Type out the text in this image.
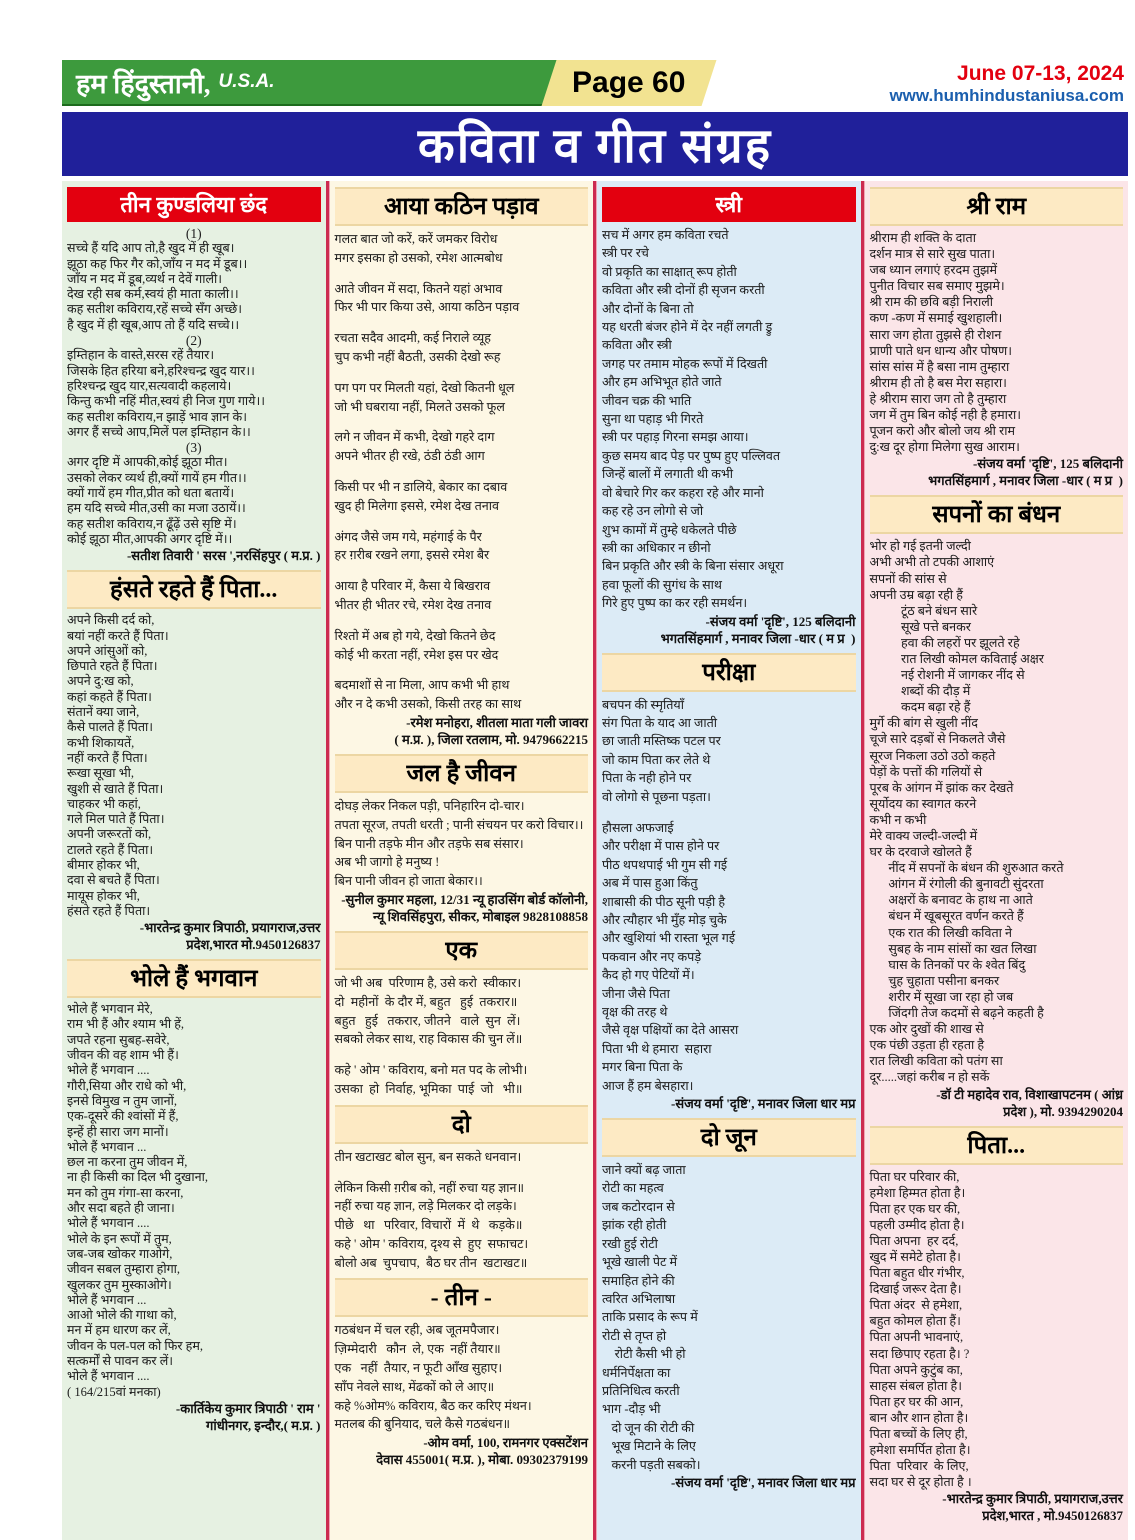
हम हिंदुस्तानी, U.S.A.	Page 60	June 07-13, 2024
www.humhindustaniusa.com
कविता व गीत संग्रह
तीन कुण्डलिया छंद
(1)
सच्चे हैं यदि आप तो,है खुद में ही खूब।
झूठा कह फिर गैर को,जाँय न मद में डूब।।
जाँय न मद में डूब,व्यर्थ न देवें गाली।
देख रही सब कर्म,स्वयं ही माता काली।।
कह सतीश कविराय,रहें सच्चे सँग अच्छे।
है खुद में ही खूब,आप तो हैं यदि सच्चे।।
(2)
इम्तिहान के वास्ते,सरस रहें तैयार।
जिसके हित हरिया बने,हरिश्चन्द्र खुद यार।।
हरिश्चन्द्र खुद यार,सत्यवादी कहलाये।
किन्तु कभी नहिं मीत,स्वयं ही निज गुण गाये।।
कह सतीश कविराय,न झाड़ें भाव ज्ञान के।
अगर हैं सच्चे आप,मिलें पल इम्तिहान के।।
(3)
अगर दृष्टि में आपकी,कोई झूठा मीत।
उसको लेकर व्यर्थ ही,क्यों गायें हम गीत।।
क्यों गायें हम गीत,प्रीत को धता बतायें।
हम यदि सच्चे मीत,उसी का मजा उठायें।।
कह सतीश कविराय,न ढूँढ़ें उसे सृष्टि में।
कोई झूठा मीत,आपकी अगर दृष्टि में।।
-सतीश तिवारी ' सरस ',नरसिंहपुर ( म.प्र. )
हंसते रहते हैं पिता...
अपने किसी दर्द को,
बयां नहीं करते हैं पिता।
अपने आंसुओं को,
छिपाते रहते हैं पिता।
अपने दु:ख को,
कहां कहते हैं पिता।
संतानें क्या जाने,
कैसे पालते हैं पिता।
कभी शिकायतें,
नहीं करते हैं पिता।
रूखा सूखा भी,
खुशी से खाते हैं पिता।
चाहकर भी कहां,
गले मिल पाते हैं पिता।
अपनी जरूरतों को,
टालते रहते हैं पिता।
बीमार होकर भी,
दवा से बचते हैं पिता।
मायूस होकर भी,
हंसते रहते हैं पिता।
-भारतेन्द्र कुमार त्रिपाठी, प्रयागराज,उत्तर
प्रदेश,भारत मो.9450126837
भोले हैं भगवान
भोले हैं भगवान मेरे,
राम भी हैं और श्याम भी हें,
जपते रहना सुबह-सवेरे,
जीवन की वह शाम भी हैं।
भोले हैं भगवान ....
गौरी,सिया और राधे को भी,
इनसे विमुख न तुम जानों,
एक-दूसरे की श्वांसों में हैं,
इन्हें ही सारा जग मानों।
भोले हैं भगवान ...
छल ना करना तुम जीवन में,
ना ही किसी का दिल भी दुखाना,
मन को तुम गंगा-सा करना,
और सदा बहते ही जाना।
भोले हैं भगवान ....
भोले के इन रूपों में तुम,
जब-जब खोकर गाओगे,
जीवन सबल तुम्हारा होगा,
खुलकर तुम मुस्काओगे।
भोले हैं भगवान ...
आओ भोले की गाथा को,
मन में हम धारण कर लें,
जीवन के पल-पल को फिर हम,
सत्कर्मों से पावन कर लें।
भोले हैं भगवान ....
( 164/215वां मनका)
-कार्तिकेय कुमार त्रिपाठी ' राम '
गांधीनगर, इन्दौर,( म.प्र. )
आया कठिन पड़ाव
गलत बात जो करें, करें जमकर विरोध
मगर इसका हो उसको, रमेश आत्मबोध
आते जीवन में सदा, कितने यहां अभाव
फिर भी पार किया उसे, आया कठिन पड़ाव
रचता सदैव आदमी, कई निराले व्यूह
चुप कभी नहीं बैठती, उसकी देखो रूह
पग पग पर मिलती यहां, देखो कितनी धूल
जो भी घबराया नहीं, मिलते उसको फूल
लगे न जीवन में कभी, देखो गहरे दाग
अपने भीतर ही रखे, ठंडी ठंडी आग
किसी पर भी न डालिये, बेकार का दबाव
खुद ही मिलेगा इससे, रमेश देख तनाव
अंगद जैसे जम गये, महंगाई के पैर
हर ग़रीब रखने लगा, इससे रमेश बैर
आया है परिवार में, कैसा ये बिखराव
भीतर ही भीतर रचे, रमेश देख तनाव
रिश्तो में अब हो गये, देखो कितने छेद
कोई भी करता नहीं, रमेश इस पर खेद
बदमाशों से ना मिला, आप कभी भी हाथ
और न दे कभी उसको, किसी तरह का साथ
-रमेश मनोहरा, शीतला माता गली जावरा
( म.प्र. ), जिला रतलाम, मो. 9479662215
जल है जीवन
दोघड़ लेकर निकल पड़ी, पनिहारिन दो-चार।
तपता सूरज, तपती धरती ; पानी संचयन पर करो विचार।।
बिन पानी तड़फे मीन और तड़फे सब संसार।
अब भी जागो हे मनुष्य !
बिन पानी जीवन हो जाता बेकार।।
-सुनील कुमार महला, 12/31 न्यू हाउसिंग बोर्ड कॉलोनी,
न्यू शिवसिंहपुरा, सीकर, मोबाइल 9828108858
एक
जो भी अब  परिणाम है, उसे करो  स्वीकार।
दो  महीनों  के दौर में, बहुत   हुई  तकरार॥
बहुत   हुई   तकरार, जीतने   वाले  सुन  लें।
सबको लेकर साथ, राह विकास की चुन लें॥
कहे ' ओम ' कविराय, बनो मत पद के लोभी।
उसका  हो  निर्वाह, भूमिका  पाई  जो   भी॥
दो
तीन खटाखट बोल सुन, बन सकते धनवान।
लेकिन किसी ग़रीब को, नहीं रुचा यह ज्ञान॥
नहीं रुचा यह ज्ञान, लड़े मिलकर दो लड़के।
पीछे   था   परिवार, विचारों  में  थे   कड़के॥
कहे ' ओम ' कविराय, दृश्य से  हुए  सफाचट।
बोलो अब  चुपचाप,  बैठ घर तीन  खटाखट॥
- तीन -
गठबंधन में चल रही, अब जूतमपैजार।
ज़िम्मेदारी   कौन  ले, एक  नहीं तैयार॥
एक   नहीं  तैयार, न फूटी आँख सुहाए।
साँप नेवले साथ, मेंढकों को ले आए॥
कहे %ओम% कविराय, बैठ कर करिए मंथन।
मतलब की बुनियाद, चले कैसे गठबंधन॥
-ओम वर्मा, 100, रामनगर एक्सटेंशन
देवास 455001( म.प्र. ), मोबा. 09302379199
स्त्री
सच में अगर हम कविता रचते
स्त्री पर रचे
वो प्रकृति का साक्षात् रूप होती
कविता और स्त्री दोनों ही सृजन करती
और दोनों के बिना तो
यह धरती बंजर होने में देर नहीं लगती ड्रु
कविता और स्त्री
जगह पर तमाम मोहक रूपों में दिखती
और हम अभिभूत होते जाते
जीवन चक्र की भाति
सुना था पहाड़ भी गिरते
स्त्री पर पहाड़ गिरना समझ आया।
कुछ समय बाद पेड़ पर पुष्प हुए पल्लिवत
जिन्हें बालों में लगाती थी कभी
वो बेचारे गिर कर कहरा रहे और मानो
कह रहे उन लोगो से जो
शुभ कामों में तुम्हे धकेलते पीछे
स्त्री का अधिकार न छीनो
बिन प्रकृति और स्त्री के बिना संसार अधूरा
हवा फूलों की सुगंध के साथ
गिरे हुए पुष्प का कर रही समर्थन।
-संजय वर्मा 'दृष्टि', 125 बलिदानी
भगतसिंहमार्ग , मनावर जिला -धार ( म प्र  )
परीक्षा
बचपन की स्मृतियाँ
संग पिता के याद आ जाती
छा जाती मस्तिष्क पटल पर
जो काम पिता कर लेते थे
पिता के नही होने पर
वो लोगो से पूछना पड़ता।
हौसला अफजाई
और परीक्षा में पास होने पर
पीठ थपथपाई भी गुम सी गई
अब में पास हुआ किंतु
शाबासी की पीठ सूनी पड़ी है
और त्यौहार भी मुँह मोड़ चुके
और खुशियां भी रास्ता भूल गई
पकवान और नए कपड़े
कैद हो गए पेटियों में।
जीना जैसे पिता
वृक्ष की तरह थे
जैसे वृक्ष पक्षियों का देते आसरा
पिता भी थे हमारा  सहारा
मगर बिना पिता के
आज हैं हम बेसहारा।
-संजय वर्मा 'दृष्टि', मनावर जिला धार मप्र
दो जून
जाने क्यों बढ़ जाता
रोटी का महत्व
जब कटोरदान से
झांक रही होती
रखी हुई रोटी
भूखे खाली पेट में
समाहित होने की
त्वरित अभिलाषा
ताकि प्रसाद के रूप में
रोटी से तृप्त हो
रोटी कैसी भी हो
धर्मनिर्पेक्षता का
प्रतिनिधित्व करती
भाग -दौड़ भी
दो जून की रोटी की
भूख मिटाने के लिए
करनी पड़ती सबको।
-संजय वर्मा 'दृष्टि', मनावर जिला धार मप्र
श्री राम
श्रीराम ही शक्ति के दाता
दर्शन मात्र से सारे सुख पाता।
जब ध्यान लगाएं हरदम तुझमें
पुनीत विचार सब समाए मुझमे।
श्री राम की छवि बड़ी निराली
कण -कण में समाई खुशहाली।
सारा जग होता तुझसे ही रोशन
प्राणी पाते धन धान्य और पोषण।
सांस सांस में है बसा नाम तुम्हारा
श्रीराम ही तो है बस मेरा सहारा।
हे श्रीराम सारा जग तो है तुम्हारा
जग में तुम बिन कोई नही है हमारा।
पूजन करो और बोलो जय श्री राम
दु:ख दूर होगा मिलेगा सुख आराम।
-संजय वर्मा 'दृष्टि', 125 बलिदानी
भगतसिंहमार्ग , मनावर जिला -धार ( म प्र  )
सपनों का बंधन
भोर हो गई इतनी जल्दी
अभी अभी तो टपकी आशाएं
सपनों की सांस से
अपनी उम्र बढ़ा रही हैं
टूंठ बने बंधन सारे
सूखे पत्ते बनकर
हवा की लहरों पर झूलते रहे
रात लिखी कोमल कविताई अक्षर
नई रोशनी में जागकर नींद से
शब्दों की दौड़ में
कदम बढ़ा रहे हैं
मुर्गे की बांग से खुली नींद
चूजे सारे दड़बों से निकलते जैसे
सूरज निकला उठो उठो कहते
पेड़ों के पत्तों की गलियों से
पूरब के आंगन में झांक कर देखते
सूर्योदय का स्वागत करने
कभी न कभी
मेरे वाक्य जल्दी-जल्दी में
घर के दरवाजे खोलते हैं
नींद में सपनों के बंधन की शुरुआत करते
आंगन में रंगोली की बुनावटी सुंदरता
अक्षरों के बनावट के हाथ ना आते
बंधन में खूबसूरत वर्णन करते हैं
एक रात की लिखी कविता ने
सुबह के नाम सांसों का खत लिखा
घास के तिनकों पर के श्वेत बिंदु
चुह चुहाता पसीना बनकर
शरीर में सूखा जा रहा हो जब
जिंदगी तेज कदमों से बढ़ने कहती है
एक ओर दुखों की शाख से
एक पंछी उड़ता ही रहता है
रात लिखी कविता को पतंग सा
दूर.....जहां करीब न हो सकें
-डॉ टी महादेव राव, विशाखापटनम ( आंध्र
प्रदेश ), मो. 9394290204
पिता...
पिता घर परिवार की,
हमेशा हिम्मत होता है।
पिता हर एक घर की,
पहली उम्मीद होता है।
पिता अपना  हर दर्द,
खुद में समेटे होता है।
पिता बहुत धीर गंभीर,
दिखाई जरूर देता है।
पिता अंदर  से हमेशा,
बहुत कोमल होता हैं।
पिता अपनी भावनाएं,
सदा छिपाए रहता है। ?
पिता अपने कुटुंब का,
साहस संबल होता है।
पिता हर घर की आन,
बान और शान होता है।
पिता बच्चों के लिए ही,
हमेशा समर्पित होता है।
पिता  परिवार  के लिए,
सदा घर से दूर होता है ।
-भारतेन्द्र कुमार त्रिपाठी, प्रयागराज,उत्तर
प्रदेश,भारत , मो.9450126837
